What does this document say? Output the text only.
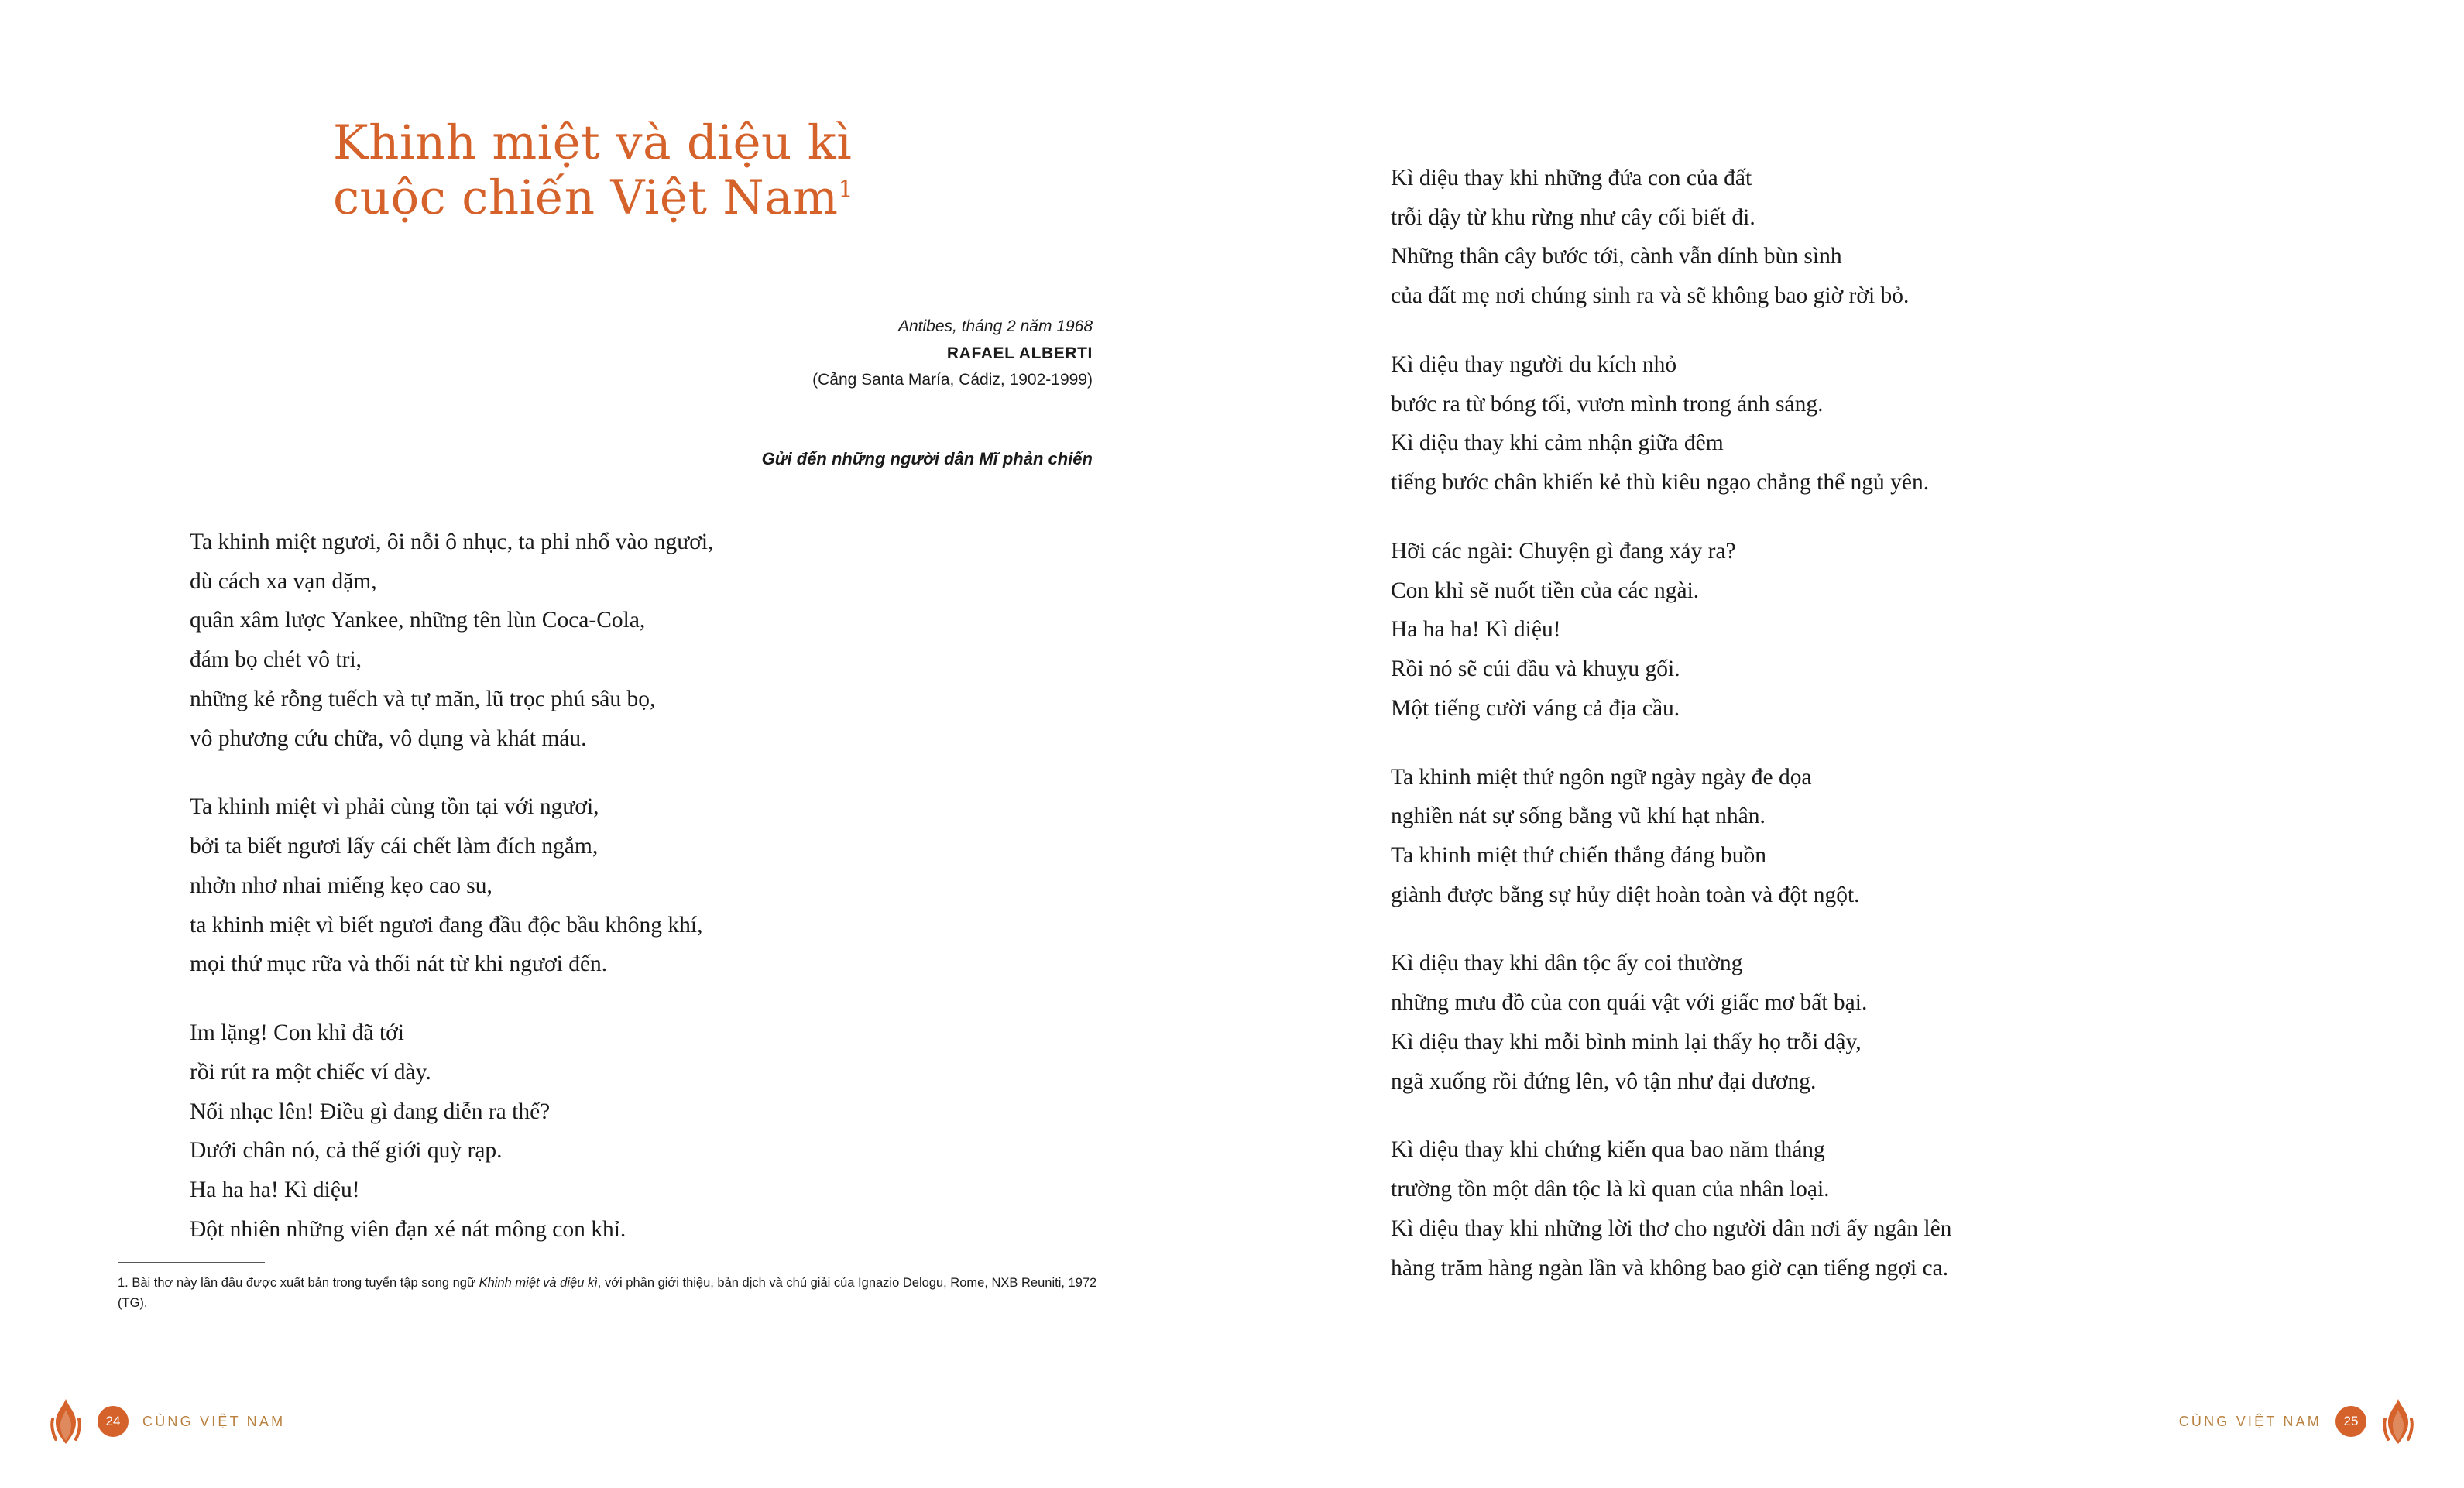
Khinh miệt và diệu kì
cuộc chiến Việt Nam$^1$
Antibes, tháng 2 năm 1968
RAFAEL ALBERTI
(Cảng Santa María, Cádiz, 1902-1999)
Gửi đến những người dân Mĩ phản chiến
Ta khinh miệt ngươi, ôi nỗi ô nhục, ta phỉ nhổ vào ngươi,
dù cách xa vạn dặm,
quân xâm lược Yankee, những tên lùn Coca-Cola,
đám bọ chét vô tri,
những kẻ rỗng tuếch và tự mãn, lũ trọc phú sâu bọ,
vô phương cứu chữa, vô dụng và khát máu.
Ta khinh miệt vì phải cùng tồn tại với ngươi,
bởi ta biết ngươi lấy cái chết làm đích ngắm,
nhởn nhơ nhai miếng kẹo cao su,
ta khinh miệt vì biết ngươi đang đầu độc bầu không khí,
mọi thứ mục rữa và thối nát từ khi ngươi đến.
Im lặng! Con khỉ đã tới
rồi rút ra một chiếc ví dày.
Nổi nhạc lên! Điều gì đang diễn ra thế?
Dưới chân nó, cả thế giới quỳ rạp.
Ha ha ha! Kì diệu!
Đột nhiên những viên đạn xé nát mông con khỉ.
1. Bài thơ này lần đầu được xuất bản trong tuyển tập song ngữ Khinh miệt và diệu kì, với phần giới thiệu, bản dịch và chú giải của Ignazio Delogu, Rome, NXB Reuniti, 1972 (TG).
24	CÙNG VIỆT NAM
Kì diệu thay khi những đứa con của đất
trỗi dậy từ khu rừng như cây cối biết đi.
Những thân cây bước tới, cành vẫn dính bùn sình
của đất mẹ nơi chúng sinh ra và sẽ không bao giờ rời bỏ.
Kì diệu thay người du kích nhỏ
bước ra từ bóng tối, vươn mình trong ánh sáng.
Kì diệu thay khi cảm nhận giữa đêm
tiếng bước chân khiến kẻ thù kiêu ngạo chẳng thể ngủ yên.
Hỡi các ngài: Chuyện gì đang xảy ra?
Con khỉ sẽ nuốt tiền của các ngài.
Ha ha ha! Kì diệu!
Rồi nó sẽ cúi đầu và khuỵu gối.
Một tiếng cười váng cả địa cầu.
Ta khinh miệt thứ ngôn ngữ ngày ngày đe dọa
nghiền nát sự sống bằng vũ khí hạt nhân.
Ta khinh miệt thứ chiến thắng đáng buồn
giành được bằng sự hủy diệt hoàn toàn và đột ngột.
Kì diệu thay khi dân tộc ấy coi thường
những mưu đồ của con quái vật với giấc mơ bất bại.
Kì diệu thay khi mỗi bình minh lại thấy họ trỗi dậy,
ngã xuống rồi đứng lên, vô tận như đại dương.
Kì diệu thay khi chứng kiến qua bao năm tháng
trường tồn một dân tộc là kì quan của nhân loại.
Kì diệu thay khi những lời thơ cho người dân nơi ấy ngân lên
hàng trăm hàng ngàn lần và không bao giờ cạn tiếng ngợi ca.
CÙNG VIỆT NAM	25
